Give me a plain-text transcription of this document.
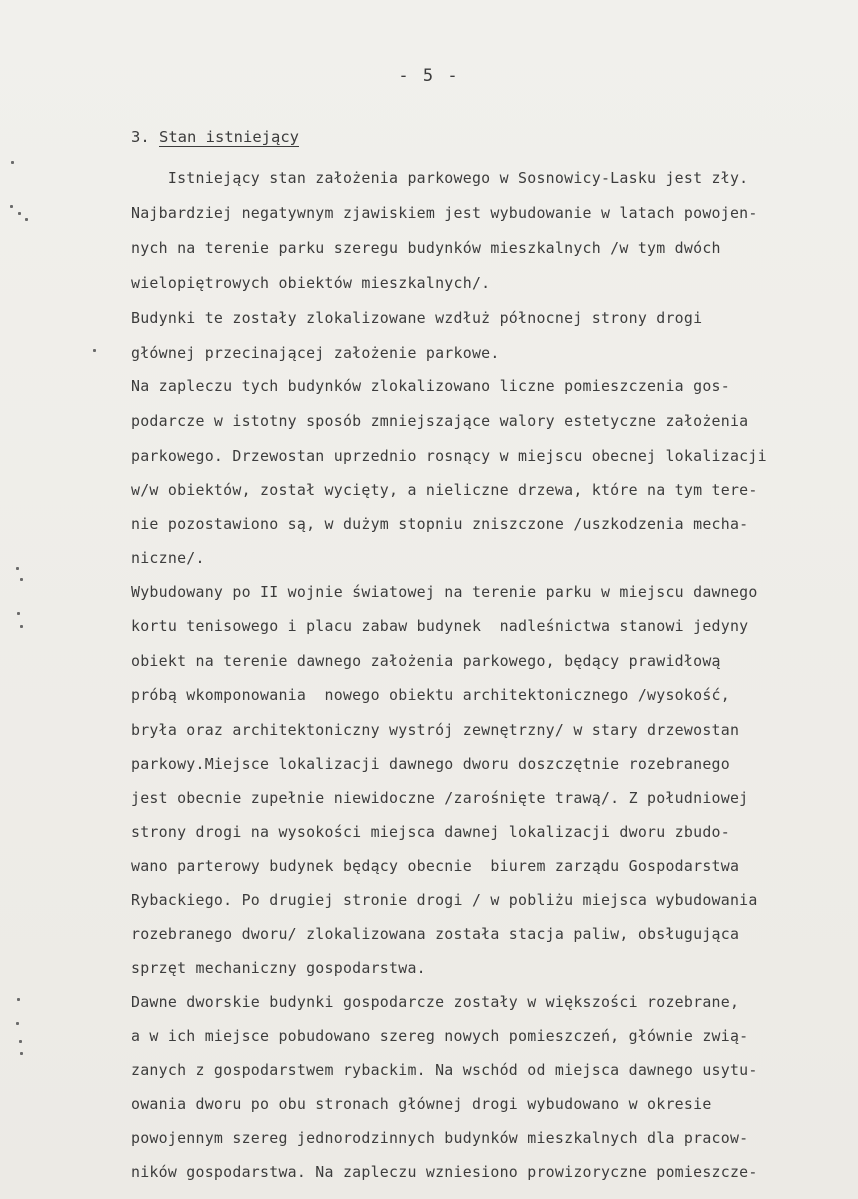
- 5 -
3. Stan istniejący
Istniejący stan założenia parkowego w Sosnowicy-Lasku jest zły.
Najbardziej negatywnym zjawiskiem jest wybudowanie w latach powojen-
nych na terenie parku szeregu budynków mieszkalnych /w tym dwóch
wielopiętrowych obiektów mieszkalnych/.
Budynki te zostały zlokalizowane wzdłuż północnej strony drogi
głównej przecinającej założenie parkowe.
Na zapleczu tych budynków zlokalizowano liczne pomieszczenia gos-
podarcze w istotny sposób zmniejszające walory estetyczne założenia
parkowego. Drzewostan uprzednio rosnący w miejscu obecnej lokalizacji
w/w obiektów, został wycięty, a nieliczne drzewa, które na tym tere-
nie pozostawiono są, w dużym stopniu zniszczone /uszkodzenia mecha-
niczne/.
Wybudowany po II wojnie światowej na terenie parku w miejscu dawnego
kortu tenisowego i placu zabaw budynek  nadleśnictwa stanowi jedyny
obiekt na terenie dawnego założenia parkowego, będący prawidłową
próbą wkomponowania  nowego obiektu architektonicznego /wysokość,
bryła oraz architektoniczny wystrój zewnętrzny/ w stary drzewostan
parkowy.Miejsce lokalizacji dawnego dworu doszczętnie rozebranego
jest obecnie zupełnie niewidoczne /zarośnięte trawą/. Z południowej
strony drogi na wysokości miejsca dawnej lokalizacji dworu zbudo-
wano parterowy budynek będący obecnie  biurem zarządu Gospodarstwa
Rybackiego. Po drugiej stronie drogi / w pobliżu miejsca wybudowania
rozebranego dworu/ zlokalizowana została stacja paliw, obsługująca
sprzęt mechaniczny gospodarstwa.
Dawne dworskie budynki gospodarcze zostały w większości rozebrane,
a w ich miejsce pobudowano szereg nowych pomieszczeń, głównie zwią-
zanych z gospodarstwem rybackim. Na wschód od miejsca dawnego usytu-
owania dworu po obu stronach głównej drogi wybudowano w okresie
powojennym szereg jednorodzinnych budynków mieszkalnych dla pracow-
ników gospodarstwa. Na zapleczu wzniesiono prowizoryczne pomieszcze-
